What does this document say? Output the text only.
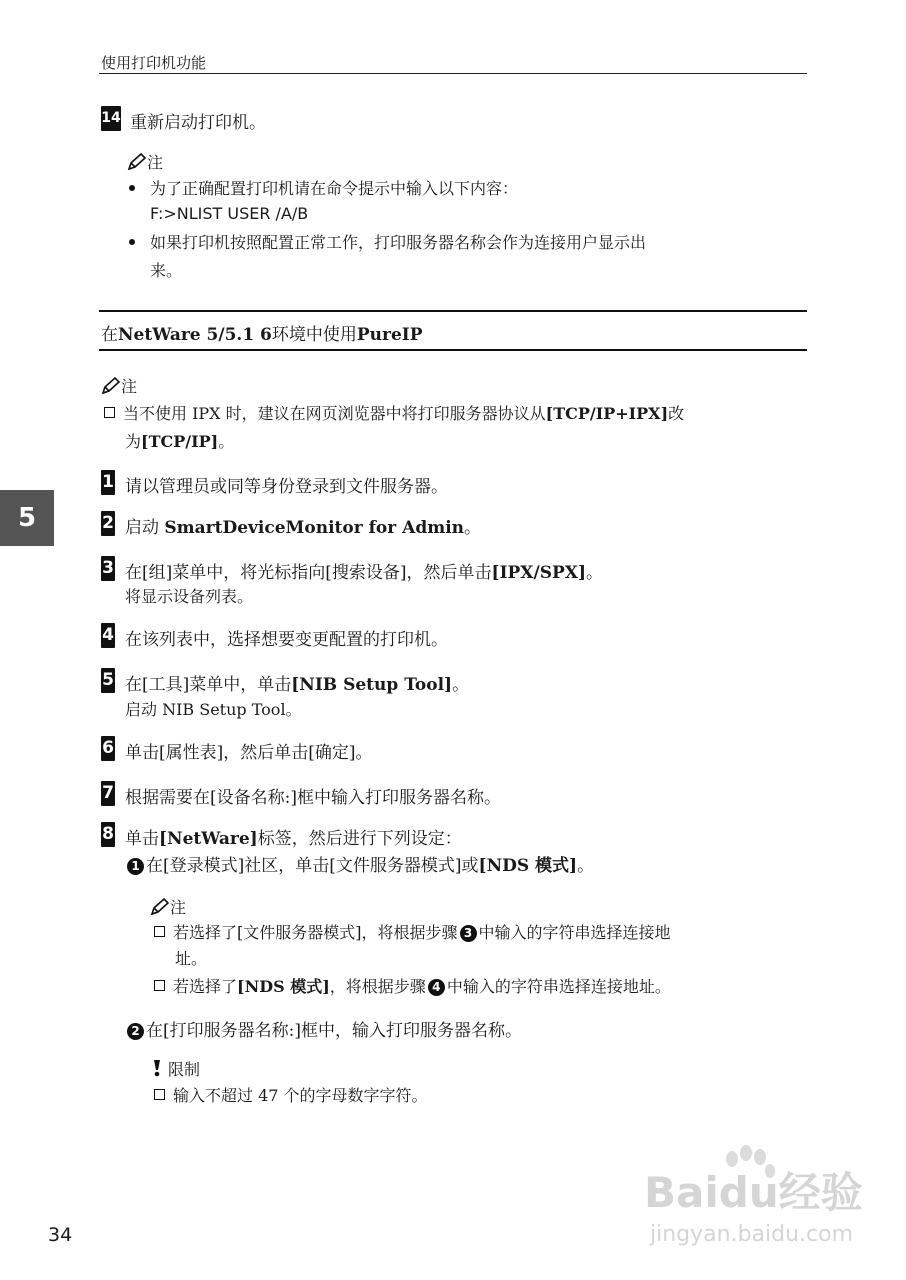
使用打印机功能
5
14 重新启动打印机。
注
为了正确配置打印机请在命令提示中输入以下内容：
F:>NLIST USER /A/B
如果打印机按照配置正常工作，打印服务器名称会作为连接用户显示出
来。
在NetWare 5/5.1 6环境中使用PureIP
注
当不使用 IPX 时，建议在网页浏览器中将打印服务器协议从[TCP/IP+IPX]改
为[TCP/IP]。
1 请以管理员或同等身份登录到文件服务器。
2 启动 SmartDeviceMonitor for Admin。
3 在[组]菜单中，将光标指向[搜索设备]，然后单击[IPX/SPX]。
将显示设备列表。
4 在该列表中，选择想要变更配置的打印机。
5 在[工具]菜单中，单击[NIB Setup Tool]。
启动 NIB Setup Tool。
6 单击[属性表]，然后单击[确定]。
7 根据需要在[设备名称:]框中输入打印服务器名称。
8 单击[NetWare]标签，然后进行下列设定：
1 在[登录模式]社区，单击[文件服务器模式]或[NDS 模式]。
注
若选择了[文件服务器模式]，将根据步骤 3 中输入的字符串选择连接地
址。
若选择了[NDS 模式]，将根据步骤 4 中输入的字符串选择连接地址。
2 在[打印服务器名称:]框中，输入打印服务器名称。
限制
输入不超过 47 个的字母数字字符。
34
Baidu经验
jingyan.baidu.com
